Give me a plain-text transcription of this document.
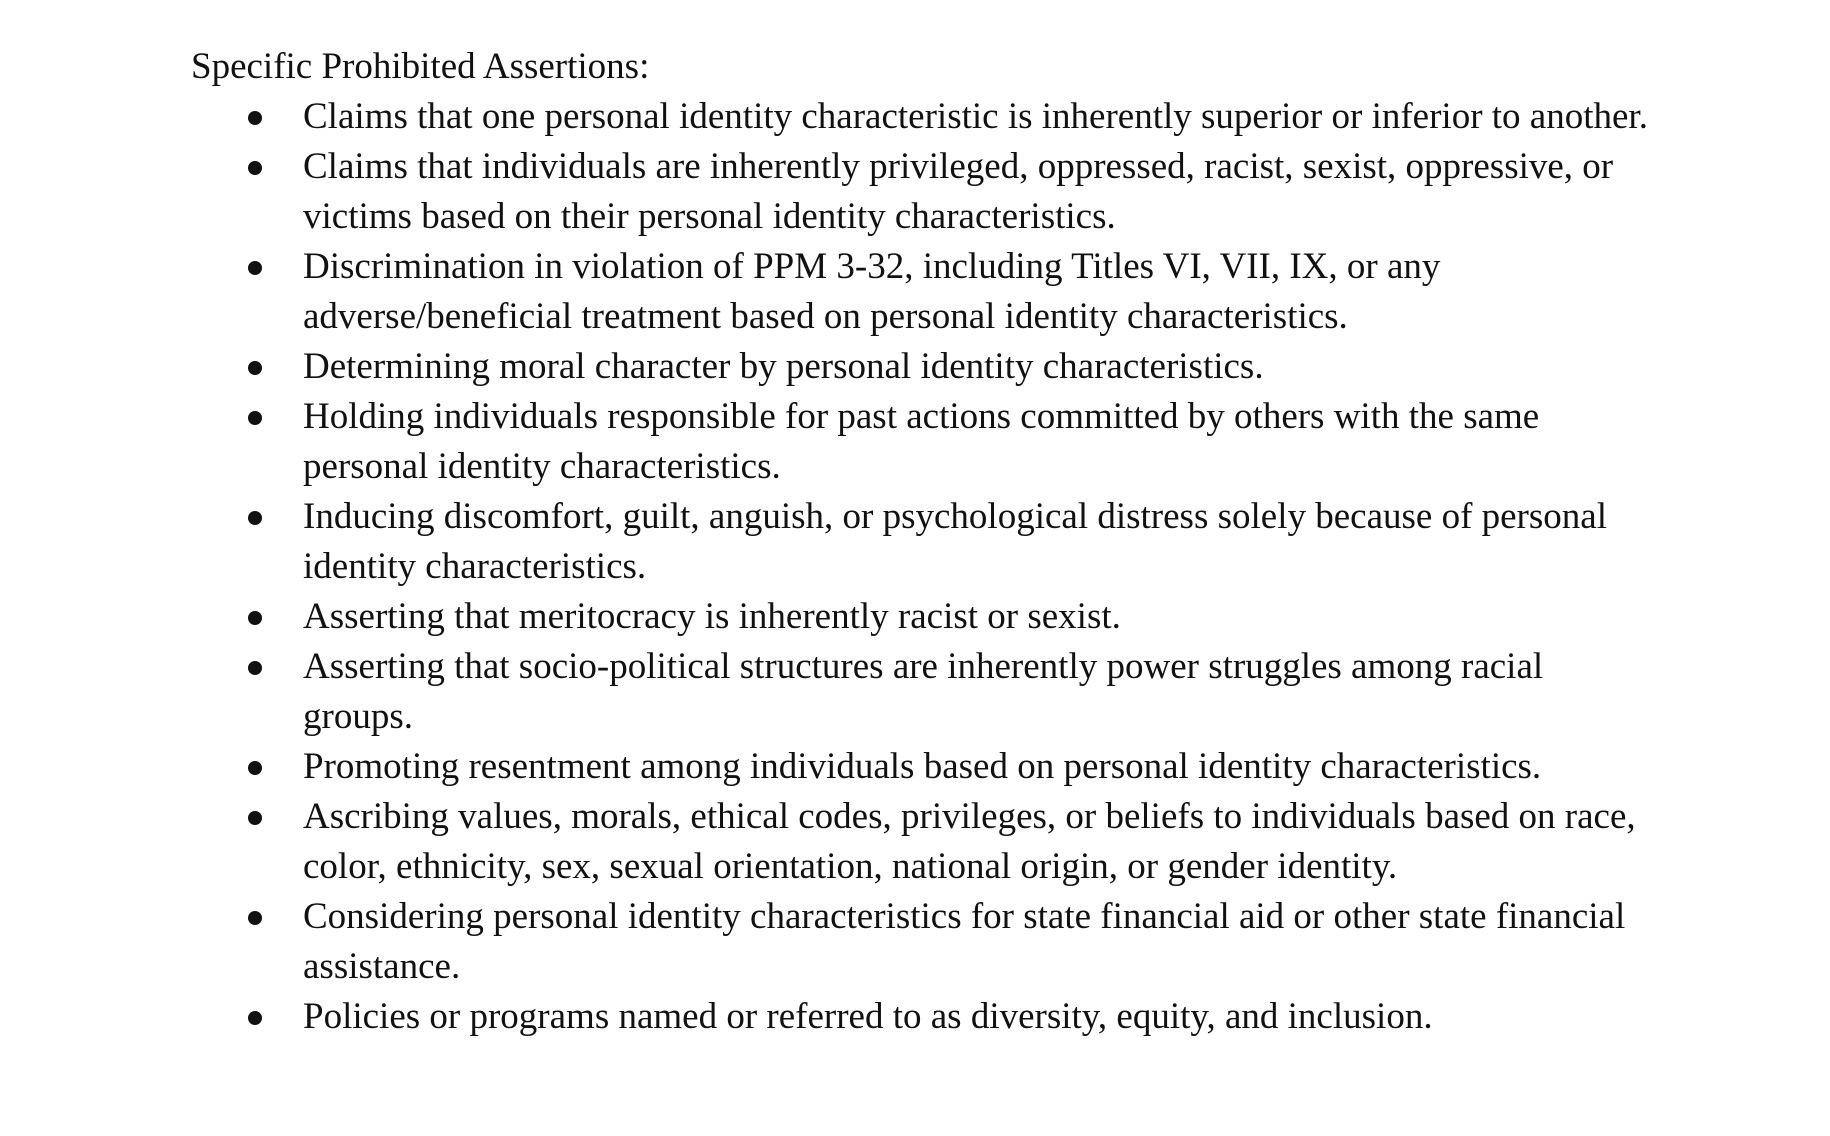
Specific Prohibited Assertions:
Claims that one personal identity characteristic is inherently superior or inferior to another.
Claims that individuals are inherently privileged, oppressed, racist, sexist, oppressive, or victims based on their personal identity characteristics.
Discrimination in violation of PPM 3-32, including Titles VI, VII, IX, or any adverse/beneficial treatment based on personal identity characteristics.
Determining moral character by personal identity characteristics.
Holding individuals responsible for past actions committed by others with the same personal identity characteristics.
Inducing discomfort, guilt, anguish, or psychological distress solely because of personal identity characteristics.
Asserting that meritocracy is inherently racist or sexist.
Asserting that socio-political structures are inherently power struggles among racial groups.
Promoting resentment among individuals based on personal identity characteristics.
Ascribing values, morals, ethical codes, privileges, or beliefs to individuals based on race, color, ethnicity, sex, sexual orientation, national origin, or gender identity.
Considering personal identity characteristics for state financial aid or other state financial assistance.
Policies or programs named or referred to as diversity, equity, and inclusion.
